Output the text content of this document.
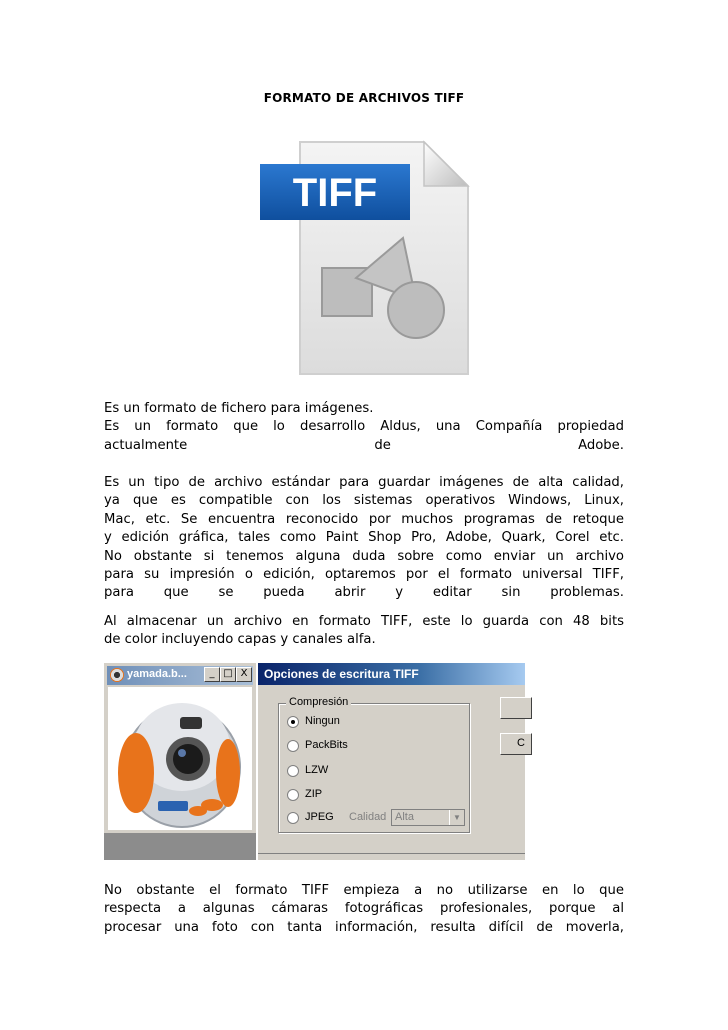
FORMATO DE ARCHIVOS TIFF
TIFF
Es un formato de fichero para imágenes.
Es un formato que lo desarrollo Aldus, una Compañía propiedad
actualmente	de	Adobe.
Es un tipo de archivo estándar para guardar imágenes de alta calidad,
ya que es compatible con los sistemas operativos Windows, Linux,
Mac, etc. Se encuentra reconocido por muchos programas de retoque
y edición gráfica, tales como Paint Shop Pro, Adobe, Quark, Corel etc.
No obstante si tenemos alguna duda sobre como enviar un archivo
para su impresión o edición, optaremos por el formato universal TIFF,
para que se pueda abrir y editar sin problemas.
Al almacenar un archivo en formato TIFF, este lo guarda con 48 bits
de color incluyendo capas y canales alfa.
yamada.b...	_ □ X	Opciones de escritura TIFF
Compresión
Ningun
PackBits
LZW
ZIP
JPEG Calidad Alta	▼
C
No obstante el formato TIFF empieza a no utilizarse en lo que
respecta a algunas cámaras fotográficas profesionales, porque al
procesar una foto con tanta información, resulta difícil de moverla,
